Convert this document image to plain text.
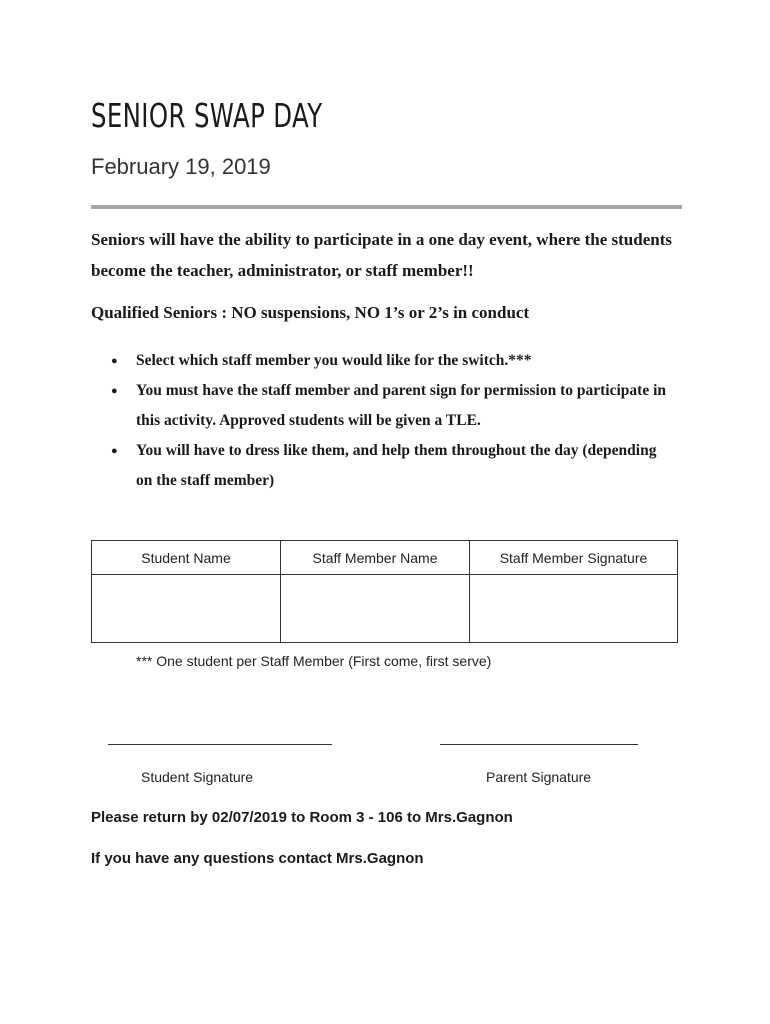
SENIOR SWAP DAY

February 19, 2019

Seniors will have the ability to participate in a one day event, where the students become the teacher, administrator, or staff member!!

Qualified Seniors : NO suspensions, NO 1’s or 2’s in conduct

● Select which staff member you would like for the switch.***
● You must have the staff member and parent sign for permission to participate in this activity. Approved students will be given a TLE.
● You will have to dress like them, and help them throughout the day (depending on the staff member)
Student Name	Staff Member Name	Staff Member Signature

*** One student per Staff Member (First come, first serve)

Student Signature	Parent Signature

Please return by 02/07/2019 to Room 3 - 106 to Mrs.Gagnon

If you have any questions contact Mrs.Gagnon
